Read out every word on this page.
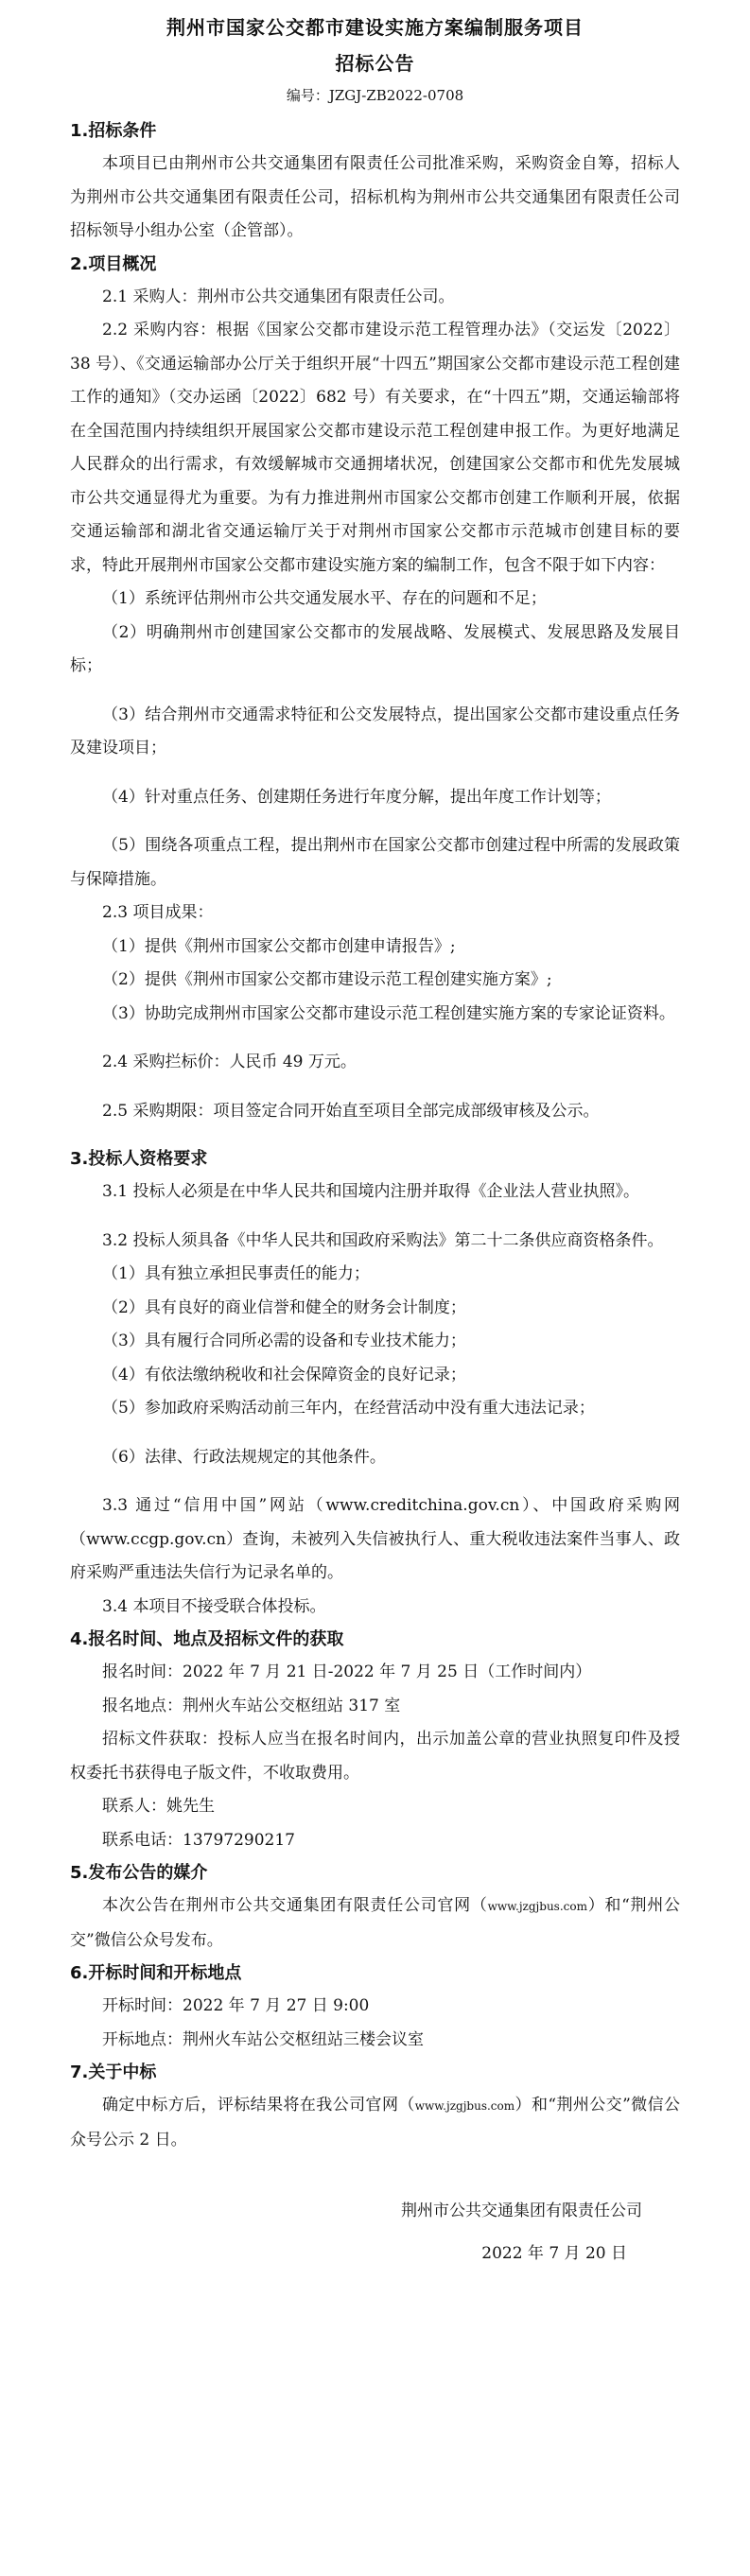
荆州市国家公交都市建设实施方案编制服务项目
招标公告
编号：JZGJ-ZB2022-0708
1.招标条件

本项目已由荆州市公共交通集团有限责任公司批准采购，采购资金自筹，招标人为荆州市公共交通集团有限责任公司，招标机构为荆州市公共交通集团有限责任公司招标领导小组办公室（企管部）。

2.项目概况

2.1 采购人：荆州市公共交通集团有限责任公司。

2.2 采购内容：根据《国家公交都市建设示范工程管理办法》（交运发〔2022〕38 号）、《交通运输部办公厅关于组织开展“十四五”期国家公交都市建设示范工程创建工作的通知》（交办运函〔2022〕682 号）有关要求，在“十四五”期，交通运输部将在全国范围内持续组织开展国家公交都市建设示范工程创建申报工作。为更好地满足人民群众的出行需求，有效缓解城市交通拥堵状况，创建国家公交都市和优先发展城市公共交通显得尤为重要。为有力推进荆州市国家公交都市创建工作顺利开展，依据交通运输部和湖北省交通运输厅关于对荆州市国家公交都市示范城市创建目标的要求，特此开展荆州市国家公交都市建设实施方案的编制工作，包含不限于如下内容：

（1）系统评估荆州市公共交通发展水平、存在的问题和不足；

（2）明确荆州市创建国家公交都市的发展战略、发展模式、发展思路及发展目标；

（3）结合荆州市交通需求特征和公交发展特点，提出国家公交都市建设重点任务及建设项目；

（4）针对重点任务、创建期任务进行年度分解，提出年度工作计划等；

（5）围绕各项重点工程，提出荆州市在国家公交都市创建过程中所需的发展政策与保障措施。

2.3 项目成果：

（1）提供《荆州市国家公交都市创建申请报告》;

（2）提供《荆州市国家公交都市建设示范工程创建实施方案》;

（3）协助完成荆州市国家公交都市建设示范工程创建实施方案的专家论证资料。

2.4 采购拦标价：人民币 49 万元。

2.5 采购期限：项目签定合同开始直至项目全部完成部级审核及公示。

3.投标人资格要求

3.1 投标人必须是在中华人民共和国境内注册并取得《企业法人营业执照》。

3.2 投标人须具备《中华人民共和国政府采购法》第二十二条供应商资格条件。

（1）具有独立承担民事责任的能力；

（2）具有良好的商业信誉和健全的财务会计制度；

（3）具有履行合同所必需的设备和专业技术能力；

（4）有依法缴纳税收和社会保障资金的良好记录；

（5）参加政府采购活动前三年内，在经营活动中没有重大违法记录；

（6）法律、行政法规规定的其他条件。

3.3 通过“信用中国”网站（www.creditchina.gov.cn）、中国政府采购网（www.ccgp.gov.cn）查询，未被列入失信被执行人、重大税收违法案件当事人、政府采购严重违法失信行为记录名单的。

3.4 本项目不接受联合体投标。

4.报名时间、地点及招标文件的获取

报名时间：2022 年 7 月 21 日-2022 年 7 月 25 日（工作时间内）

报名地点：荆州火车站公交枢纽站 317 室

招标文件获取：投标人应当在报名时间内，出示加盖公章的营业执照复印件及授权委托书获得电子版文件，不收取费用。

联系人：姚先生

联系电话：13797290217

5.发布公告的媒介

本次公告在荆州市公共交通集团有限责任公司官网（www.jzgjbus.com）和“荆州公交”微信公众号发布。

6.开标时间和开标地点

开标时间：2022 年 7 月 27 日 9:00

开标地点：荆州火车站公交枢纽站三楼会议室

7.关于中标

确定中标方后，评标结果将在我公司官网（www.jzgjbus.com）和“荆州公交”微信公众号公示 2 日。

荆州市公共交通集团有限责任公司
2022 年 7 月 20 日
